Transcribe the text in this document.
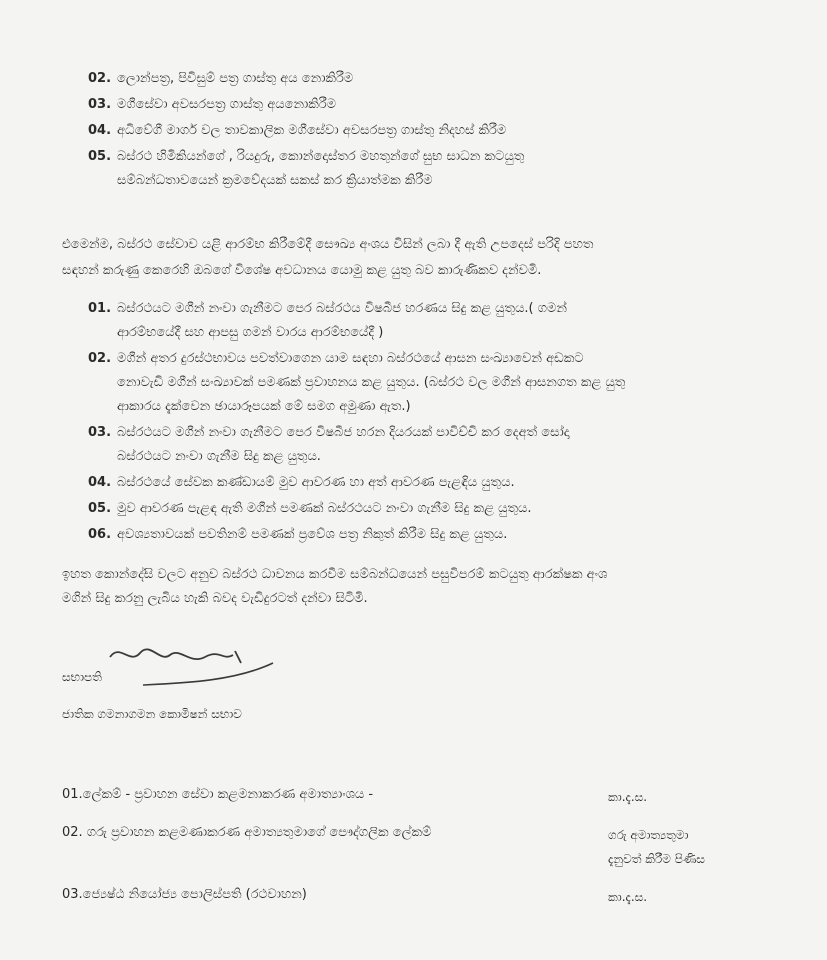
02. ලොන්පත්‍ර, පිවිසුම් පත්‍ර ගාස්තු අය නොකිරීම
03. මගීසේවා අවසරපත්‍ර ගාස්තු අයනොකිරීම
04. අධිවේගී මාර්ග වල තාවකාලික මගීසේවා අවසරපත්‍ර ගාස්තු නිදහස් කිරීම
05. බස්රථ හිමිකියන්ගේ , රියදුරු, කොන්දොස්තර මහතුන්ගේ සුභ සාධන කටයුතු
සම්බන්ධතාවයෙන් ක්‍රමවේදයක් සකස් කර ක්‍රියාත්මක කිරීම
එමෙන්ම, බස්රථ සේවාව යළි ආරම්භ කිරීමේදී සෞඛ්‍ය අංශය විසින් ලබා දී ඇති උපදෙස් පරිදි පහත
සඳහන් කරුණු කෙරෙහි ඔබගේ විශේෂ අවධානය යොමු කළ යුතු බව කාරුණිකව දන්වමි.
01. බස්රථයට මගීන් නංවා ගැනීමට පෙර බස්රථය විෂබීජ හරණය සිදු කළ යුතුය.( ගමන්
ආරම්භයේදී සහ ආපසු ගමන් වාරය ආරම්භයේදී )
02. මගීන් අතර දුරස්ථභාවය පවත්වාගෙන යාම සඳහා බස්රථයේ ආසන සංඛ්‍යාවෙන් අඩකට
නොවැඩි මගීන් සංඛ්‍යාවක් පමණක් ප්‍රවාහනය කළ යුතුය. (බස්රථ වල මගීන් ආසනගත කළ යුතු
ආකාරය දැක්වෙන ඡායාරූපයක් මේ සමග අමුණා ඇත.)
03. බස්රථයට මගීන් නංවා ගැනීමට පෙර විෂබීජ හරන දියරයක් පාවිච්චි කර දෙඅත් සෝදා
බස්රථයට නංවා ගැනීම සිදු කළ යුතුය.
04. බස්රථයේ සේවක කණ්ඩායම් මුව ආවරණ හා අත් ආවරණ පැළඳිය යුතුය.
05. මුව ආවරණ පැළඳ ඇති මගීන් පමණක් බස්රථයට නංවා ගැනීම සිදු කළ යුතුය.
06. අවශ්‍යතාවයක් පවතිනම් පමණක් ප්‍රවේශ පත්‍ර නිකුත් කිරීම සිදු කළ යුතුය.
ඉහත කොන්දේසි වලට අනුව බස්රථ ධාවනය කරවීම සම්බන්ධයෙන් පසුවිපරම් කටයුතු ආරක්ෂක අංශ
මගින් සිදු කරනු ලැබිය හැකි බවද වැඩිදුරටත් දන්වා සිටිමි.
සභාපති
ජාතික ගමනාගමන කොමිෂන් සභාව
01.ලේකම් - ප්‍රවාහන සේවා කළමනාකරණ අමාත්‍යාංශය -	කා.දැ.ස.
02. ගරු ප්‍රවාහන කළමණාකරණ අමාත්‍යතුමාගේ පෞද්ගලික ලේකම්	ගරු අමාත්‍යතුමා
දැනුවත් කිරීම පිණිස
03.ජ්‍යෙෂ්ඨ නියෝජ්‍ය පොලිස්පති (රථවාහන)	කා.දැ.ස.
